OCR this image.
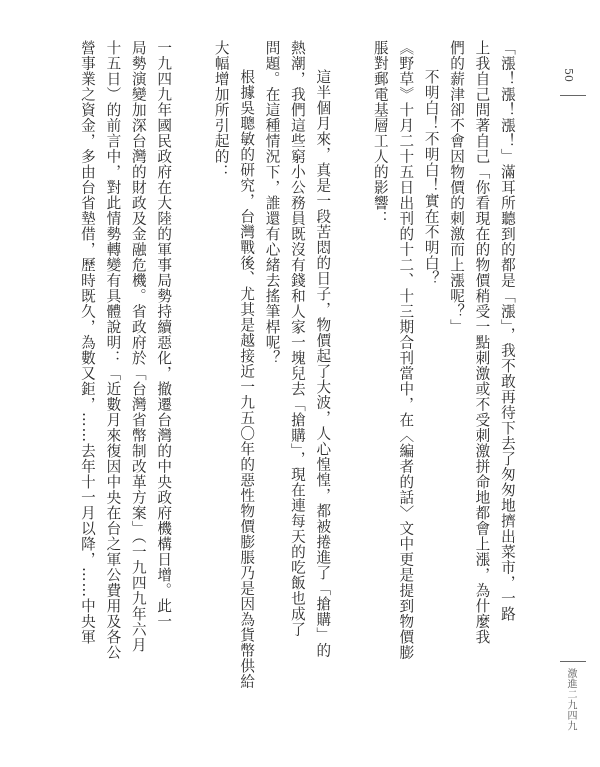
50
激進二九四九
「漲！漲！漲！」滿耳所聽到的都是「漲」，我不敢再待下去了匆匆地擠出菜市，一路
上我自己問著自己「你看現在的物價稍受一點刺激或不受刺激拼命地都會上漲，為什麼我
們的薪津卻不會因物價的刺激而上漲呢？」
不明白！不明白！實在不明白？
《野草》十月二十五日出刊的十二、十三期合刊當中，在〈編者的話〉文中更是提到物價膨
脹對郵電基層工人的影響：
這半個月來，真是一段苦悶的日子，物價起了大波，人心惶惶，都被捲進了「搶購」的
熱潮，我們這些窮小公務員既沒有錢和人家一塊兒去「搶購」，現在連每天的吃飯也成了
問題。在這種情況下，誰還有心緒去搖筆桿呢？
根據吳聰敏的研究，台灣戰後、尤其是越接近一九五〇年的惡性物價膨脹乃是因為貨幣供給
大幅增加所引起的：
一九四九年國民政府在大陸的軍事局勢持續惡化，撤遷台灣的中央政府機構日增。此一
局勢演變加深台灣的財政及金融危機。省政府於「台灣省幣制改革方案」（一九四九年六月
十五日）的前言中，對此情勢轉變有具體說明：「近數月來復因中央在台之軍公費用及各公
營事業之資金，多由台省墊借，歷時既久，為數又鉅，……去年十一月以降，……中央軍
